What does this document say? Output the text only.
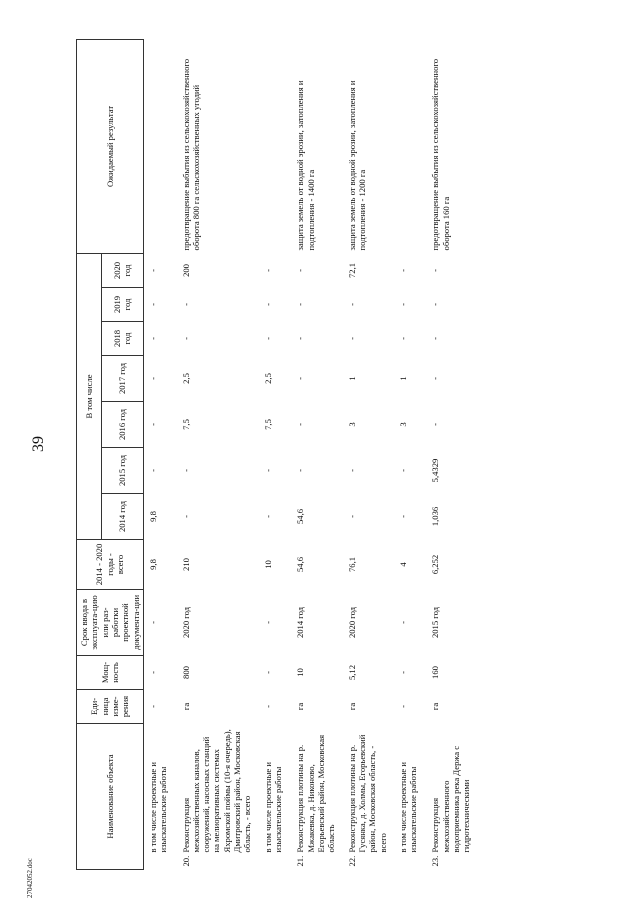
39
27042052.doc
Наименование объекта		Еди-ница изме-рения	Мощ-ность	Срок ввода в эксплуата-цию или раз-работки проектной документа-ции	2014 - 2020 годы - всего	В том числе							Ожидаемый результат
						2014 год	2015 год	2016 год	2017 год	2018 год	2019 год	2020 год	
	в том числе проектные и изыскательские работы	-	-	-	9,8	9,8	-	-	-	-	-	-	
20.	Реконструкция межхозяйственных каналов, сооружений, насосных станций на мелиоративных системах Яхромской поймы (10-я очередь), Дмитровский район, Московская область, - всего	га	800	2020 год	210	-	-	7,5	2,5	-	-	200	предотвращение выбытия из сельскохозяйственного оборота 800 га сельскохозяйственных угодий
	в том числе проектные и изыскательские работы	-	-	-	10	-	-	7,5	2,5	-	-	-	
21.	Реконструкция плотины на р. Мжакевка, д. Никоново, Егорьевский район, Московская область	га	10	2014 год	54,6	54,6	-	-	-	-	-	-	защита земель от водной эрозии, затопления и подтопления - 1400 га
22.	Реконструкция плотины на р. Гусянка, д. Холмы, Егорьевский район, Московская область, - всего	га	5,12	2020 год	76,1	-	-	3	1	-	-	72,1	защита земель от водной эрозии, затопления и подтопления - 1200 га
	в том числе проектные и изыскательские работы	-	-	-	4	-	-	3	1	-	-	-	
23.	Реконструкция межхозяйственного водоприемника река Держа с гидротехническими	га	160	2015 год	6,252	1,036	5,4329	-	-	-	-	-	предотвращение выбытия из сельскохозяйственного оборота 160 га
